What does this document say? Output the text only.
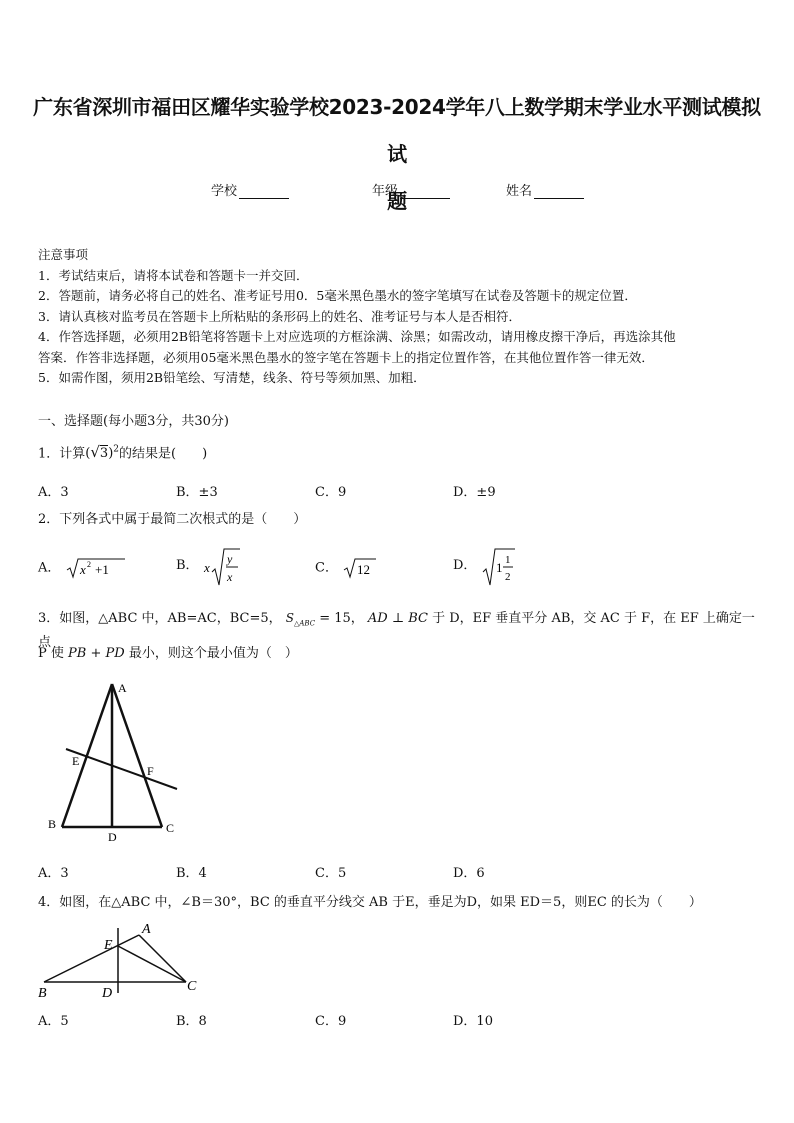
广东省深圳市福田区耀华实验学校2023-2024学年八上数学期末学业水平测试模拟试
题
学校	年级	姓名

注意事项

1．考试结束后，请将本试卷和答题卡一并交回．

2．答题前，请务必将自己的姓名、准考证号用0．5毫米黑色墨水的签字笔填写在试卷及答题卡的规定位置．

3．请认真核对监考员在答题卡上所粘贴的条形码上的姓名、准考证号与本人是否相符．

4．作答选择题，必须用2B铅笔将答题卡上对应选项的方框涂满、涂黑；如需改动，请用橡皮擦干净后，再选涂其他

答案．作答非选择题，必须用05毫米黑色墨水的签字笔在答题卡上的指定位置作答，在其他位置作答一律无效．

5．如需作图，须用2B铅笔绘、写清楚，线条、符号等须加黑、加粗．

一、选择题(每小题3分，共30分)
1．计算$(√3)^2$的结果是(　　)
A．3	B．±3	C．9	D．±9
2．下列各式中属于最简二次根式的是（　　）
A． x 2 +1	B． x
y
x
C． 12	D． 1 1
2
3．如图，△ABC 中，AB=AC，BC=5， $S_{\triangle ABC} = 15$， AD ⊥ BC 于 D，EF 垂直平分 AB，交 AC 于 F，在 EF 上确定一点
P 使 PB + PD 最小，则这个最小值为（　）
A
B	C
D
E
F
A．3	B．4	C．5	D．6
4．如图，在△ABC 中，∠B＝30°，BC 的垂直平分线交 AB 于E，垂足为D，如果 ED＝5，则EC 的长为（　　）
A
B	C
D
E
A．5	B．8	C．9	D．10
